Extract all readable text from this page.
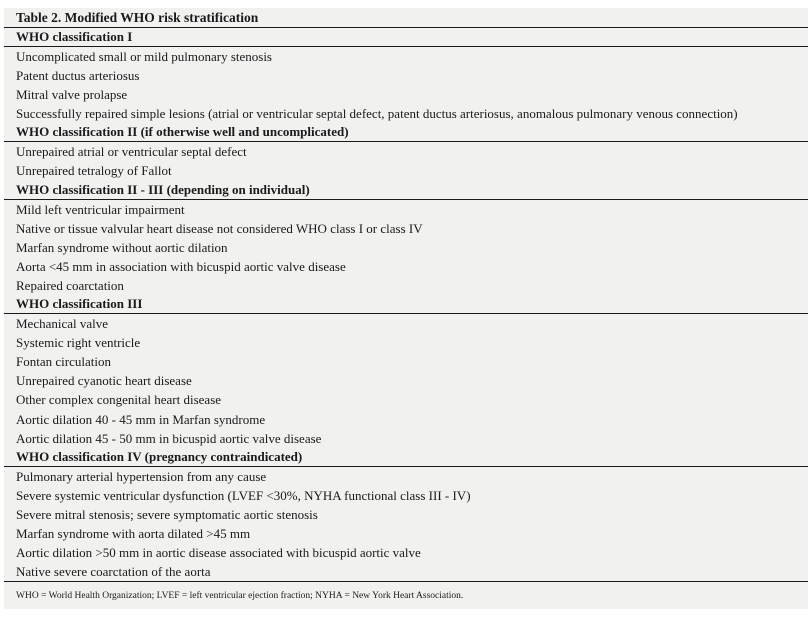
Table 2. Modified WHO risk stratification
WHO classification I
Uncomplicated small or mild pulmonary stenosis
Patent ductus arteriosus
Mitral valve prolapse
Successfully repaired simple lesions (atrial or ventricular septal defect, patent ductus arteriosus, anomalous pulmonary venous connection)
WHO classification II (if otherwise well and uncomplicated)
Unrepaired atrial or ventricular septal defect
Unrepaired tetralogy of Fallot
WHO classification II - III (depending on individual)
Mild left ventricular impairment
Native or tissue valvular heart disease not considered WHO class I or class IV
Marfan syndrome without aortic dilation
Aorta <45 mm in association with bicuspid aortic valve disease
Repaired coarctation
WHO classification III
Mechanical valve
Systemic right ventricle
Fontan circulation
Unrepaired cyanotic heart disease
Other complex congenital heart disease
Aortic dilation 40 - 45 mm in Marfan syndrome
Aortic dilation 45 - 50 mm in bicuspid aortic valve disease
WHO classification IV (pregnancy contraindicated)
Pulmonary arterial hypertension from any cause
Severe systemic ventricular dysfunction (LVEF <30%, NYHA functional class III - IV)
Severe mitral stenosis; severe symptomatic aortic stenosis
Marfan syndrome with aorta dilated >45 mm
Aortic dilation >50 mm in aortic disease associated with bicuspid aortic valve
Native severe coarctation of the aorta
WHO = World Health Organization; LVEF = left ventricular ejection fraction; NYHA = New York Heart Association.
